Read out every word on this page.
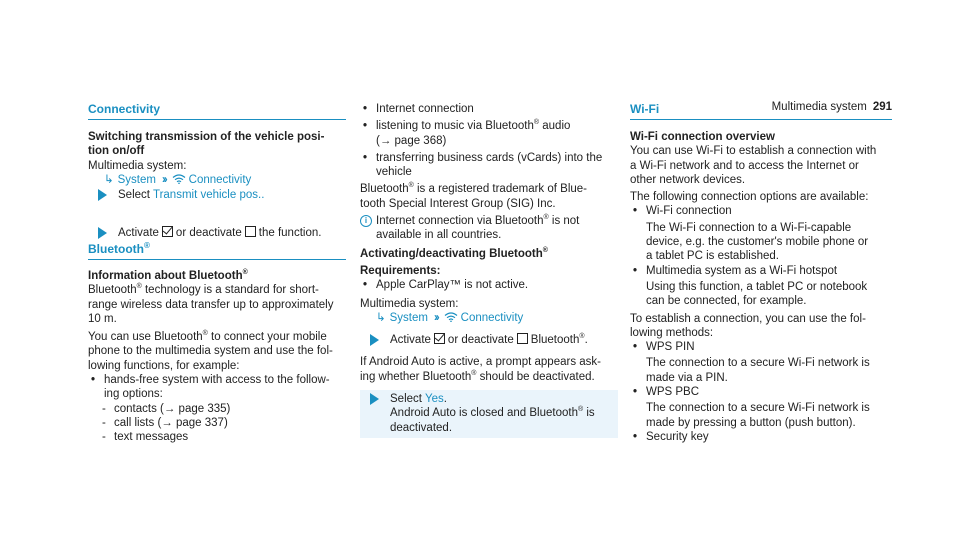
Multimedia system 291
Connectivity
Switching transmission of the vehicle posi-
tion on/off
Multimedia system:
↳ System ›› Connectivity
Select Transmit vehicle pos..
Activate or deactivate the function.
Bluetooth®
Information about Bluetooth®
Bluetooth® technology is a standard for short-
range wireless data transfer up to approximately
10 m.
You can use Bluetooth® to connect your mobile
phone to the multimedia system and use the fol-
lowing functions, for example:
• hands-free system with access to the follow-
ing options:
- contacts (→ page 335)
- call lists (→ page 337)
- text messages
• Internet connection
• listening to music via Bluetooth® audio
(→ page 368)
• transferring business cards (vCards) into the
vehicle
Bluetooth® is a registered trademark of Blue-
tooth Special Interest Group (SIG) Inc.
i Internet connection via Bluetooth® is not
available in all countries.
Activating/deactivating Bluetooth®
Requirements:
• Apple CarPlay™ is not active.
Multimedia system:
↳ System ›› Connectivity
Activate or deactivate Bluetooth®.
If Android Auto is active, a prompt appears ask-
ing whether Bluetooth® should be deactivated.
Select Yes.
Android Auto is closed and Bluetooth® is
deactivated.
Wi-Fi
Wi-Fi connection overview
You can use Wi-Fi to establish a connection with
a Wi-Fi network and to access the Internet or
other network devices.
The following connection options are available:
• Wi-Fi connection
The Wi-Fi connection to a Wi-Fi-capable
device, e.g. the customer's mobile phone or
a tablet PC is established.
• Multimedia system as a Wi-Fi hotspot
Using this function, a tablet PC or notebook
can be connected, for example.
To establish a connection, you can use the fol-
lowing methods:
• WPS PIN
The connection to a secure Wi-Fi network is
made via a PIN.
• WPS PBC
The connection to a secure Wi-Fi network is
made by pressing a button (push button).
• Security key
